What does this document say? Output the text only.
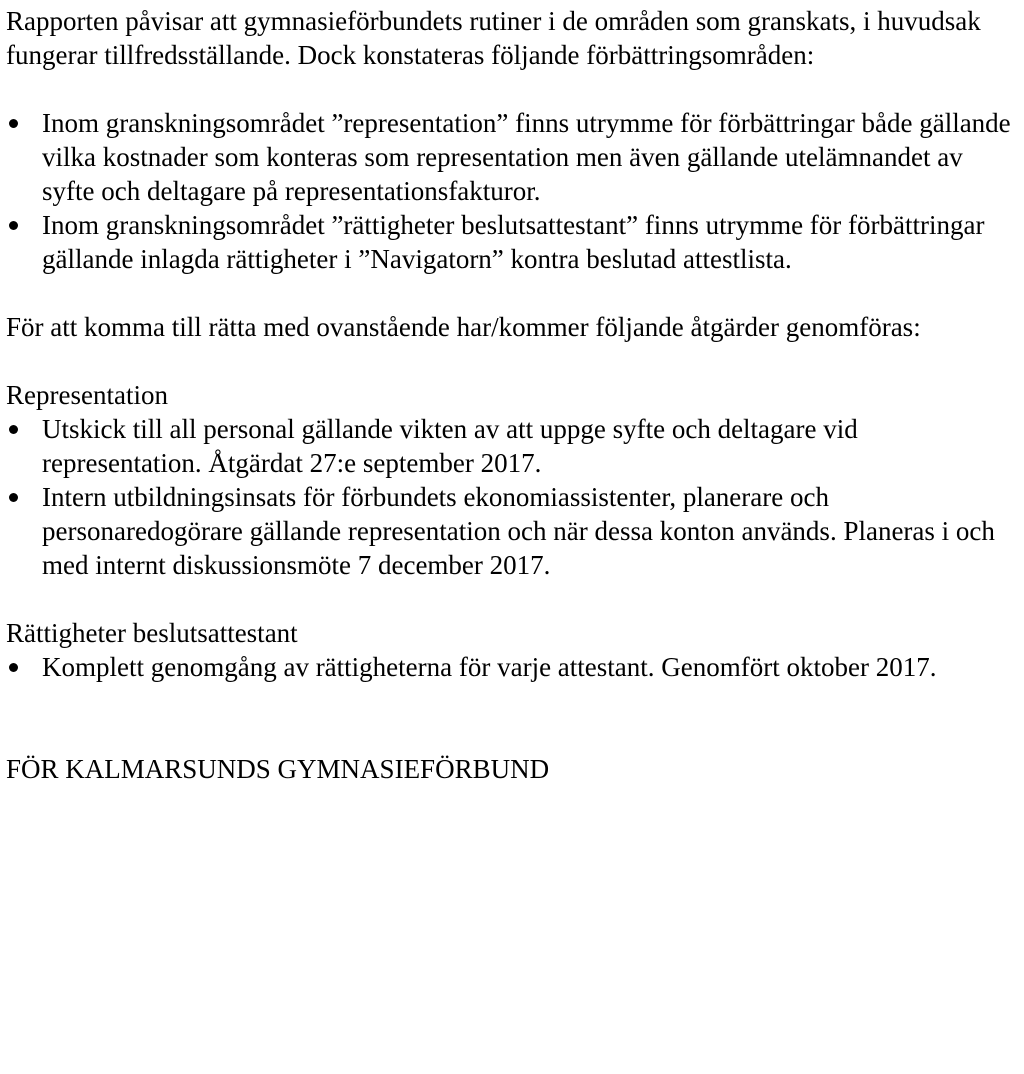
Rapporten påvisar att gymnasieförbundets rutiner i de områden som granskats, i huvudsak fungerar tillfredsställande. Dock konstateras följande förbättringsområden:

Inom granskningsområdet ”representation” finns utrymme för förbättringar både gällande vilka kostnader som konteras som representation men även gällande utelämnandet av syfte och deltagare på representationsfakturor.
Inom granskningsområdet ”rättigheter beslutsattestant” finns utrymme för förbättringar gällande inlagda rättigheter i ”Navigatorn” kontra beslutad attestlista.

För att komma till rätta med ovanstående har/kommer följande åtgärder genomföras:

Representation

Utskick till all personal gällande vikten av att uppge syfte och deltagare vid representation. Åtgärdat 27:e september 2017.
Intern utbildningsinsats för förbundets ekonomiassistenter, planerare och personaredogörare gällande representation och när dessa konton används. Planeras i och med internt diskussionsmöte 7 december 2017.

Rättigheter beslutsattestant

Komplett genomgång av rättigheterna för varje attestant. Genomfört oktober 2017.

FÖR KALMARSUNDS GYMNASIEFÖRBUND
